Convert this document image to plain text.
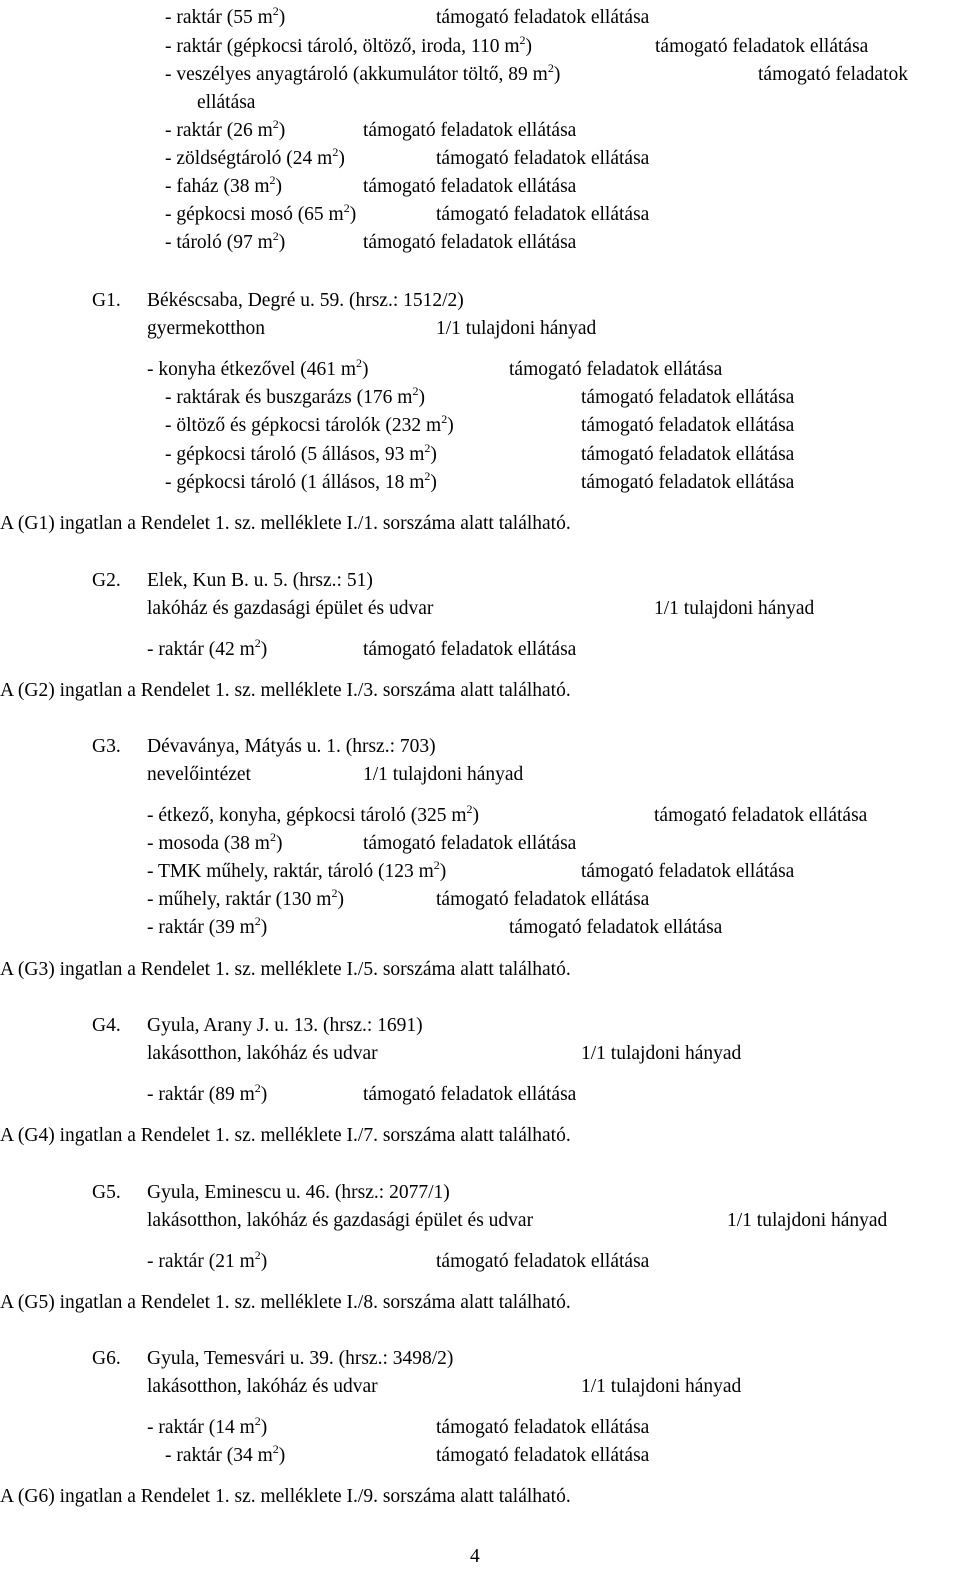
- raktár (55 $m^2$)	támogató feladatok ellátása
- raktár (gépkocsi tároló, öltöző, iroda, 110 $m^2$)	támogató feladatok ellátása
- veszélyes anyagtároló (akkumulátor töltő, 89 $m^2$)	támogató feladatok
ellátása
- raktár (26 $m^2$)	támogató feladatok ellátása
- zöldségtároló (24 $m^2$)	támogató feladatok ellátása
- faház (38 $m^2$)	támogató feladatok ellátása
- gépkocsi mosó (65 $m^2$)	támogató feladatok ellátása
- tároló (97 $m^2$)	támogató feladatok ellátása
G1. Békéscsaba, Degré u. 59. (hrsz.: 1512/2)
gyermekotthon	1/1 tulajdoni hányad
- konyha étkezővel (461 $m^2$)	támogató feladatok ellátása
- raktárak és buszgarázs (176 $m^2$)	támogató feladatok ellátása
- öltöző és gépkocsi tárolók (232 $m^2$)	támogató feladatok ellátása
- gépkocsi tároló (5 állásos, 93 $m^2$)	támogató feladatok ellátása
- gépkocsi tároló (1 állásos, 18 $m^2$)	támogató feladatok ellátása
A (G1) ingatlan a Rendelet 1. sz. melléklete I./1. sorszáma alatt található.
G2. Elek, Kun B. u. 5. (hrsz.: 51)
lakóház és gazdasági épület és udvar	1/1 tulajdoni hányad
- raktár (42 $m^2$)	támogató feladatok ellátása
A (G2) ingatlan a Rendelet 1. sz. melléklete I./3. sorszáma alatt található.
G3. Dévaványa, Mátyás u. 1. (hrsz.: 703)
nevelőintézet	1/1 tulajdoni hányad
- étkező, konyha, gépkocsi tároló (325 $m^2$)	támogató feladatok ellátása
- mosoda (38 $m^2$)	támogató feladatok ellátása
- TMK műhely, raktár, tároló (123 $m^2$)	támogató feladatok ellátása
- műhely, raktár (130 $m^2$)	támogató feladatok ellátása
- raktár (39 $m^2$)	támogató feladatok ellátása
A (G3) ingatlan a Rendelet 1. sz. melléklete I./5. sorszáma alatt található.
G4. Gyula, Arany J. u. 13. (hrsz.: 1691)
lakásotthon, lakóház és udvar	1/1 tulajdoni hányad
- raktár (89 $m^2$)	támogató feladatok ellátása
A (G4) ingatlan a Rendelet 1. sz. melléklete I./7. sorszáma alatt található.
G5. Gyula, Eminescu u. 46. (hrsz.: 2077/1)
lakásotthon, lakóház és gazdasági épület és udvar	1/1 tulajdoni hányad
- raktár (21 $m^2$)	támogató feladatok ellátása
A (G5) ingatlan a Rendelet 1. sz. melléklete I./8. sorszáma alatt található.
G6. Gyula, Temesvári u. 39. (hrsz.: 3498/2)
lakásotthon, lakóház és udvar	1/1 tulajdoni hányad
- raktár (14 $m^2$)	támogató feladatok ellátása
- raktár (34 $m^2$)	támogató feladatok ellátása
A (G6) ingatlan a Rendelet 1. sz. melléklete I./9. sorszáma alatt található.
4
